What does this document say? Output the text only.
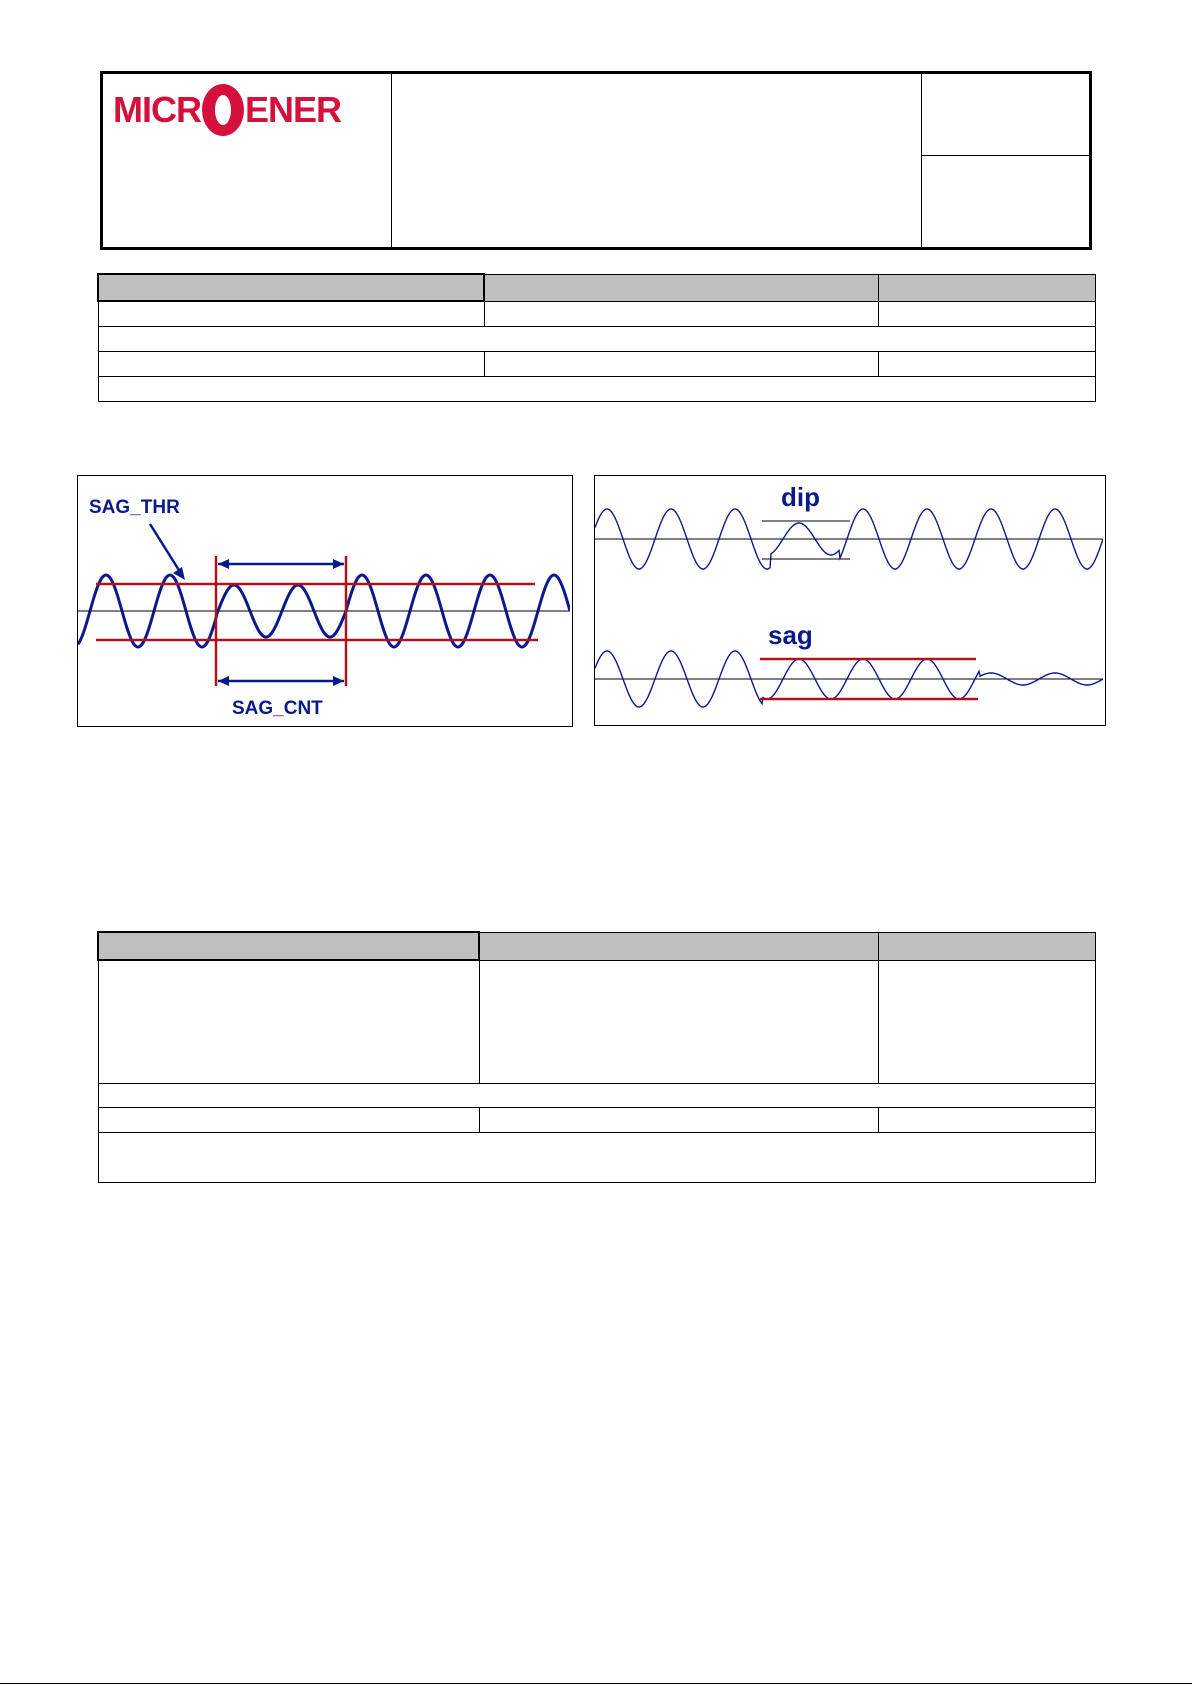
MICR ENER

SAG_THR
SAG_CNT
dip
sag
